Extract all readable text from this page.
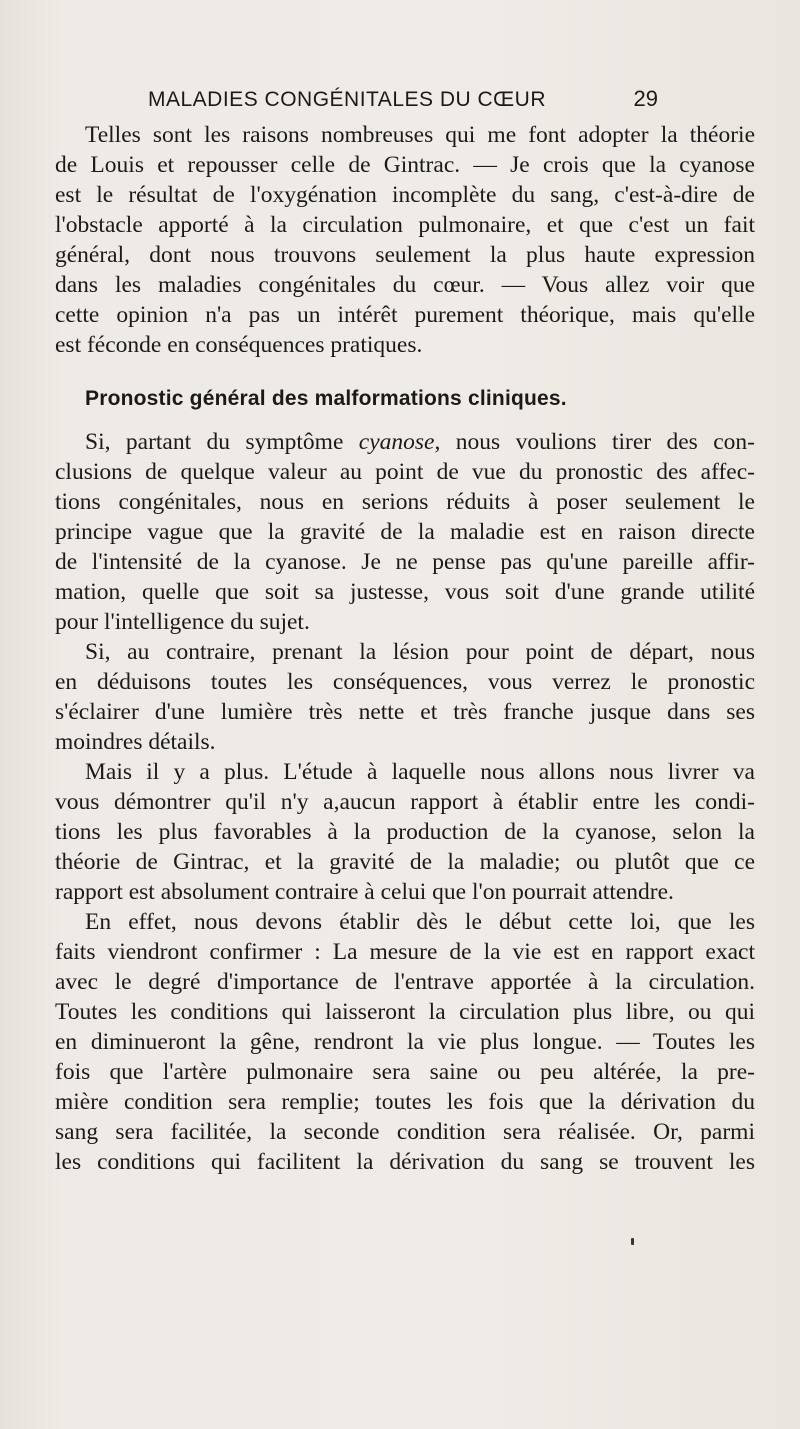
MALADIES CONGÉNITALES DU CŒUR	29
Telles sont les raisons nombreuses qui me font adopter la théorie
de Louis et repousser celle de Gintrac. — Je crois que la cyanose
est le résultat de l'oxygénation incomplète du sang, c'est-à-dire de
l'obstacle apporté à la circulation pulmonaire, et que c'est un fait
général, dont nous trouvons seulement la plus haute expression
dans les maladies congénitales du cœur. — Vous allez voir que
cette opinion n'a pas un intérêt purement théorique, mais qu'elle
est féconde en conséquences pratiques.
Pronostic général des malformations cliniques.
Si, partant du symptôme cyanose, nous voulions tirer des con-
clusions de quelque valeur au point de vue du pronostic des affec-
tions congénitales, nous en serions réduits à poser seulement le
principe vague que la gravité de la maladie est en raison directe
de l'intensité de la cyanose. Je ne pense pas qu'une pareille affir-
mation, quelle que soit sa justesse, vous soit d'une grande utilité
pour l'intelligence du sujet.
Si, au contraire, prenant la lésion pour point de départ, nous
en déduisons toutes les conséquences, vous verrez le pronostic
s'éclairer d'une lumière très nette et très franche jusque dans ses
moindres détails.
Mais il y a plus. L'étude à laquelle nous allons nous livrer va
vous démontrer qu'il n'y a,aucun rapport à établir entre les condi-
tions les plus favorables à la production de la cyanose, selon la
théorie de Gintrac, et la gravité de la maladie; ou plutôt que ce
rapport est absolument contraire à celui que l'on pourrait attendre.
En effet, nous devons établir dès le début cette loi, que les
faits viendront confirmer : La mesure de la vie est en rapport exact
avec le degré d'importance de l'entrave apportée à la circulation.
Toutes les conditions qui laisseront la circulation plus libre, ou qui
en diminueront la gêne, rendront la vie plus longue. — Toutes les
fois que l'artère pulmonaire sera saine ou peu altérée, la pre-
mière condition sera remplie; toutes les fois que la dérivation du
sang sera facilitée, la seconde condition sera réalisée. Or, parmi
les conditions qui facilitent la dérivation du sang se trouvent les
